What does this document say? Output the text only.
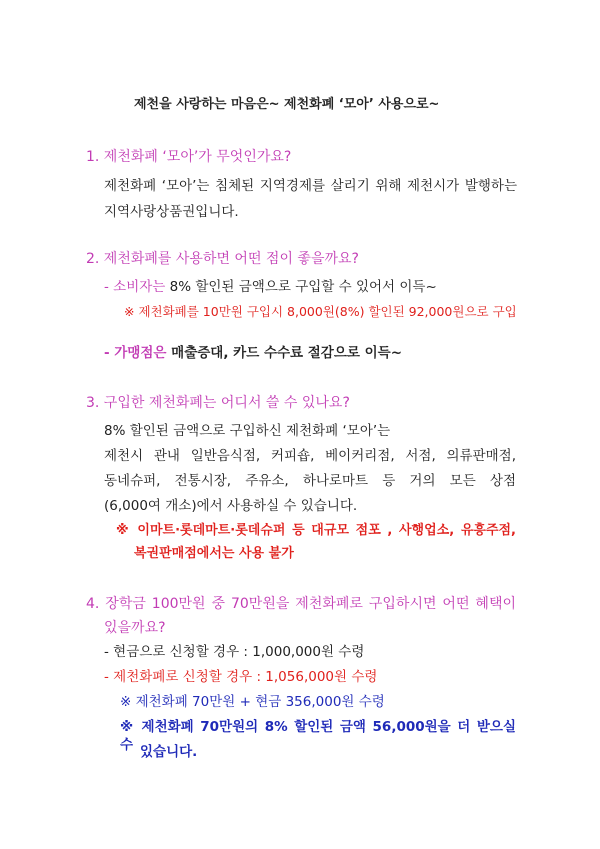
제천을 사랑하는 마음은~ 제천화폐 ‘모아’ 사용으로~
1. 제천화폐 ‘모아’가 무엇인가요?
제천화폐 ‘모아’는 침체된 지역경제를 살리기 위해 제천시가 발행하는
지역사랑상품권입니다.
2. 제천화폐를 사용하면 어떤 점이 좋을까요?
- 소비자는 8% 할인된 금액으로 구입할 수 있어서 이득~
※ 제천화폐를 10만원 구입시 8,000원(8%) 할인된 92,000원으로 구입
- 가맹점은 매출증대, 카드 수수료 절감으로 이득~
3. 구입한 제천화폐는 어디서 쓸 수 있나요?
8% 할인된 금액으로 구입하신 제천화폐 ‘모아’는
제천시 관내 일반음식점, 커피숍, 베이커리점, 서점, 의류판매점,
동네슈퍼, 전통시장, 주유소, 하나로마트 등 거의 모든 상점
(6,000여 개소)에서 사용하실 수 있습니다.
※ 이마트·롯데마트·롯데슈퍼 등 대규모 점포 , 사행업소, 유흥주점,
복권판매점에서는 사용 불가
4. 장학금 100만원 중 70만원을 제천화폐로 구입하시면 어떤 혜택이
있을까요?
- 현금으로 신청할 경우 : 1,000,000원 수령
- 제천화폐로 신청할 경우 : 1,056,000원 수령
※ 제천화폐 70만원 + 현금 356,000원 수령
※ 제천화폐 70만원의 8% 할인된 금액 56,000원을 더 받으실 수 있습니다.
